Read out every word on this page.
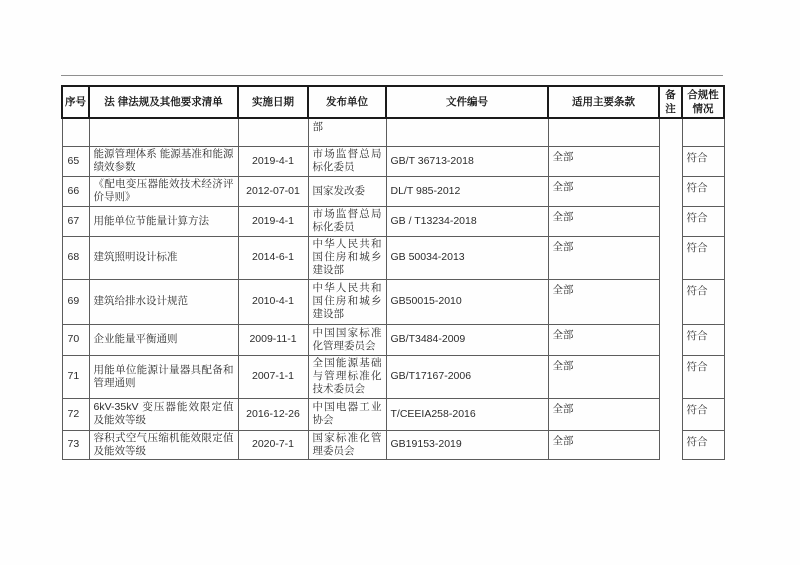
序号	法 律法规及其他要求清单	实施日期	发布单位	文件编号	适用主要条款	备注	合规性情况
			部				
65	能源管理体系 能源基准和能源绩效参数	2019-4-1	市场监督总局标化委员	GB/T 36713-2018	全部		符合
66	《配电变压器能效技术经济评价导则》	2012-07-01	国家发改委	DL/T 985-2012	全部		符合
67	用能单位节能量计算方法	2019-4-1	市场监督总局标化委员	GB / T13234-2018	全部		符合
68	建筑照明设计标准	2014-6-1	中华人民共和国住房和城乡建设部	GB 50034-2013	全部		符合
69	建筑给排水设计规范	2010-4-1	中华人民共和国住房和城乡建设部	GB50015-2010	全部		符合
70	企业能量平衡通则	2009-11-1	中国国家标准化管理委员会	GB/T3484-2009	全部		符合
71	用能单位能源计量器具配备和管理通则	2007-1-1	全国能源基础与管理标准化技术委员会	GB/T17167-2006	全部		符合
72	6kV-35kV 变压器能效限定值及能效等级	2016-12-26	中国电器工业协会	T/CEEIA258-2016	全部		符合
73	容积式空气压缩机能效限定值及能效等级	2020-7-1	国家标准化管理委员会	GB19153-2019	全部		符合
